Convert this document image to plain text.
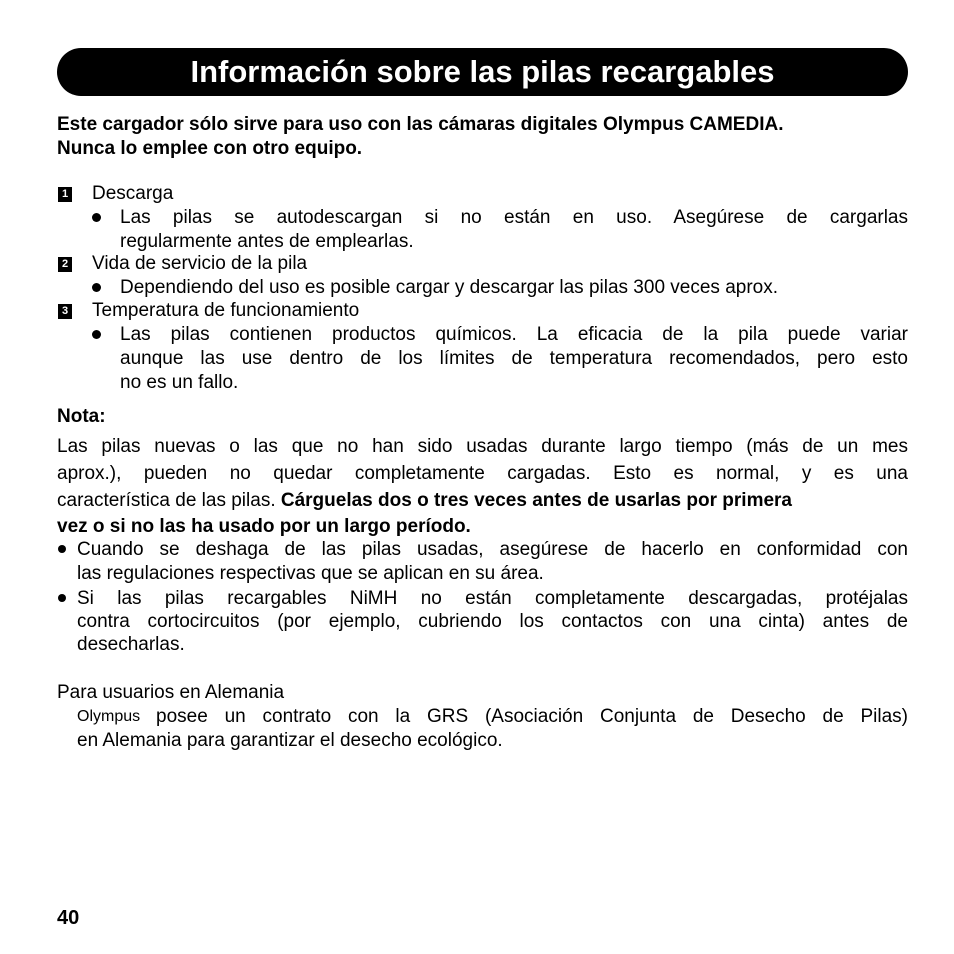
Información sobre las pilas recargables
Este cargador sólo sirve para uso con las cámaras digitales Olympus CAMEDIA.
Nunca lo emplee con otro equipo.
1 Descarga
Las pilas se autodescargan si no están en uso. Asegúrese de cargarlas
regularmente antes de emplearlas.
2 Vida de servicio de la pila
Dependiendo del uso es posible cargar y descargar las pilas 300 veces aprox.
3 Temperatura de funcionamiento
Las pilas contienen productos químicos. La eficacia de la pila puede variar
aunque las use dentro de los límites de temperatura recomendados, pero esto
no es un fallo.
Nota:
Las pilas nuevas o las que no han sido usadas durante largo tiempo (más de un mes
aprox.), pueden no quedar completamente cargadas. Esto es normal, y es una
característica de las pilas. Cárguelas dos o tres veces antes de usarlas por primera
vez o si no las ha usado por un largo período.
Cuando se deshaga de las pilas usadas, asegúrese de hacerlo en conformidad con
las regulaciones respectivas que se aplican en su área.
Si las pilas recargables NiMH no están completamente descargadas, protéjalas
contra cortocircuitos (por ejemplo, cubriendo los contactos con una cinta) antes de
desecharlas.
Para usuarios en Alemania
Olympus posee un contrato con la GRS (Asociación Conjunta de Desecho de Pilas)
en Alemania para garantizar el desecho ecológico.
40
